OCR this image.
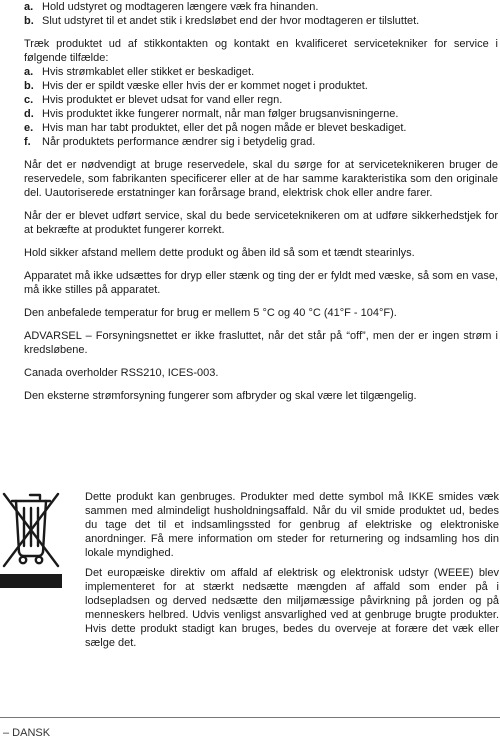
a. Hold udstyret og modtageren længere væk fra hinanden.
b. Slut udstyret til et andet stik i kredsløbet end der hvor modtageren er tilsluttet.

Træk produktet ud af stikkontakten og kontakt en kvalificeret servicetekniker for service i følgende tilfælde:

a. Hvis strømkablet eller stikket er beskadiget.
b. Hvis der er spildt væske eller hvis der er kommet noget i produktet.
c. Hvis produktet er blevet udsat for vand eller regn.
d. Hvis produktet ikke fungerer normalt, når man følger brugsanvisningerne.
e. Hvis man har tabt produktet, eller det på nogen måde er blevet beskadiget.
f. Når produktets performance ændrer sig i betydelig grad.

Når det er nødvendigt at bruge reservedele, skal du sørge for at serviceteknikeren bruger de reservedele, som fabrikanten specificerer eller at de har samme karakteristika som den originale del. Uautoriserede erstatninger kan forårsage brand, elektrisk chok eller andre farer.

Når der er blevet udført service, skal du bede serviceteknikeren om at udføre sikkerhedstjek for at bekræfte at produktet fungerer korrekt.

Hold sikker afstand mellem dette produkt og åben ild så som et tændt stearinlys.

Apparatet må ikke udsættes for dryp eller stænk og ting der er fyldt med væske, så som en vase, må ikke stilles på apparatet.

Den anbefalede temperatur for brug er mellem 5 °C og 40 °C (41°F - 104°F).

ADVARSEL – Forsyningsnettet er ikke frasluttet, når det står på “off”, men der er ingen strøm i kredsløbene.

Canada overholder RSS210, ICES-003.

Den eksterne strømforsyning fungerer som afbryder og skal være let tilgængelig.

Dette produkt kan genbruges. Produkter med dette symbol må IKKE smides væk sammen med almindeligt husholdningsaffald. Når du vil smide produktet ud, bedes du tage det til et indsamlingssted for genbrug af elektriske og elektroniske anordninger. Få mere information om steder for returnering og indsamling hos din lokale myndighed.

Det europæiske direktiv om affald af elektrisk og elektronisk udstyr (WEEE) blev implementeret for at stærkt nedsætte mængden af affald som ender på i lodsepladsen og derved nedsætte den miljømæssige påvirkning på jorden og på menneskers helbred. Udvis venligst ansvarlighed ved at genbruge brugte produkter. Hvis dette produkt stadigt kan bruges, bedes du overveje at forære det væk eller sælge det.

– DANSK
